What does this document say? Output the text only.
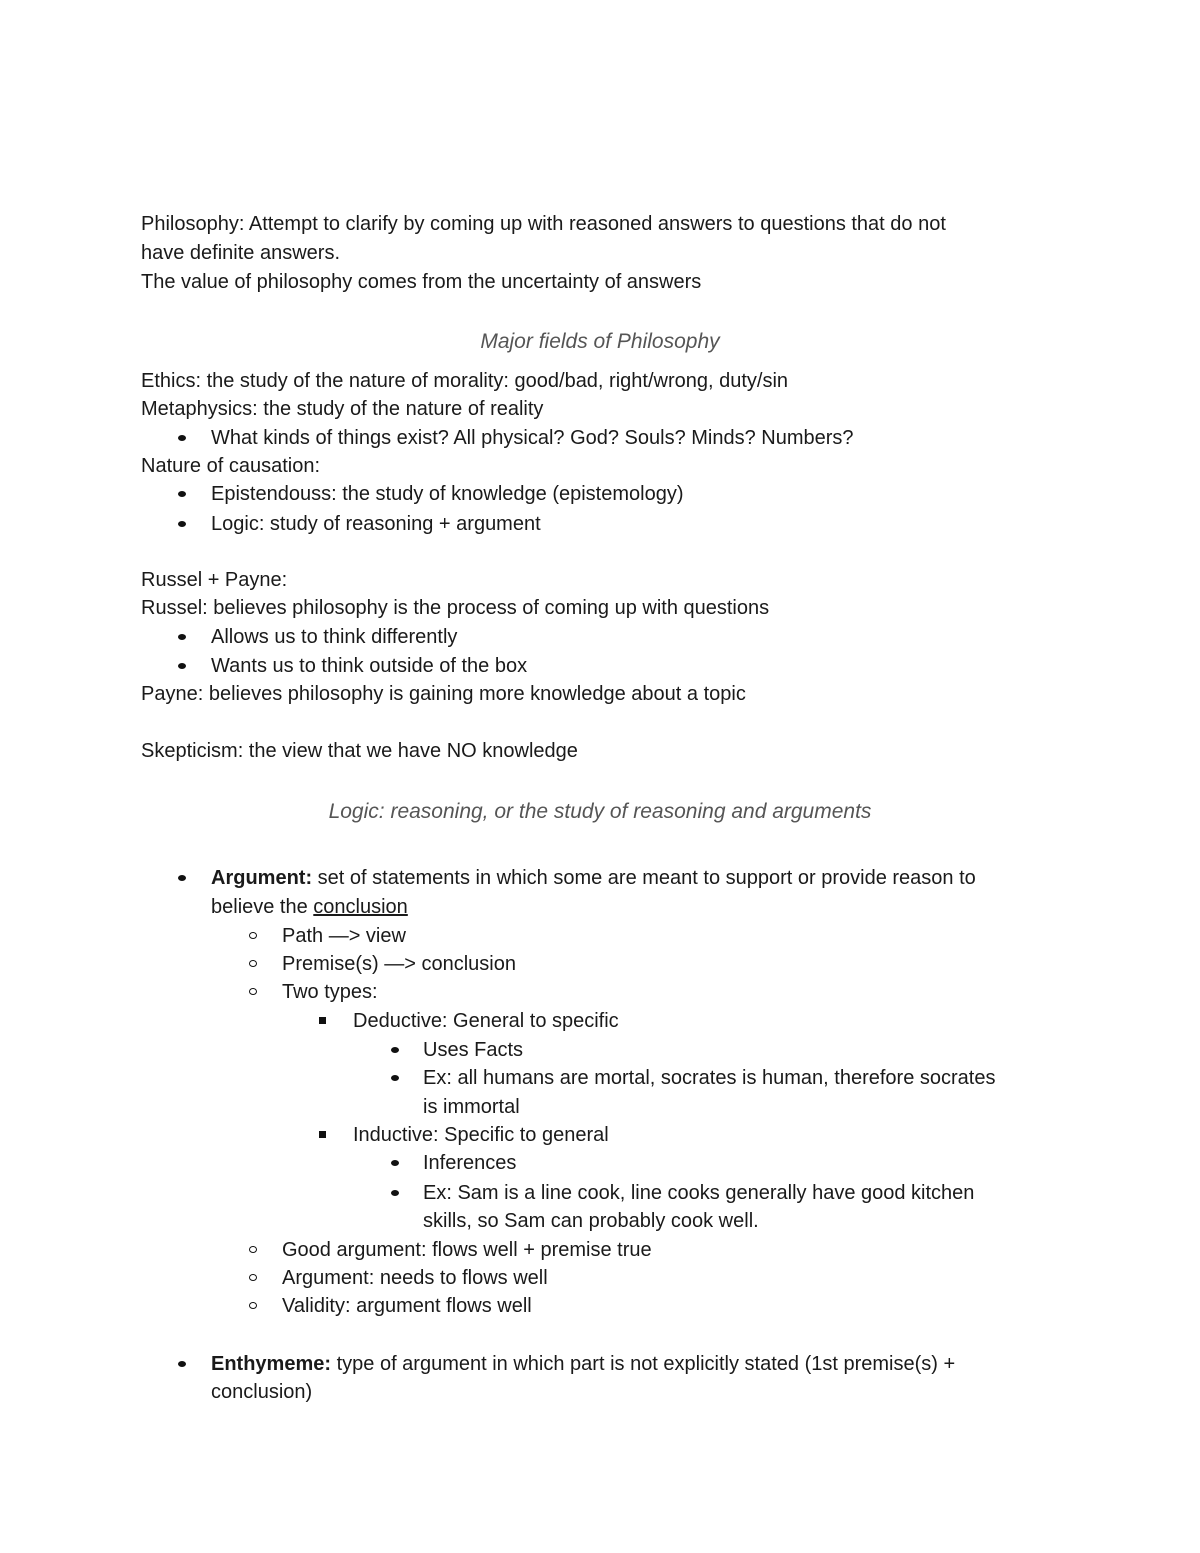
Philosophy: Attempt to clarify by coming up with reasoned answers to questions that do not
have definite answers.
The value of philosophy comes from the uncertainty of answers
Major fields of Philosophy
Ethics: the study of the nature of morality: good/bad, right/wrong, duty/sin
Metaphysics: the study of the nature of reality
What kinds of things exist? All physical? God? Souls? Minds? Numbers?
Nature of causation:
Epistendouss: the study of knowledge (epistemology)
Logic: study of reasoning + argument
Russel + Payne:
Russel: believes philosophy is the process of coming up with questions
Allows us to think differently
Wants us to think outside of the box
Payne: believes philosophy is gaining more knowledge about a topic
Skepticism: the view that we have NO knowledge
Logic: reasoning, or the study of reasoning and arguments
Argument: set of statements in which some are meant to support or provide reason to
believe the conclusion
Path —> view
Premise(s) —> conclusion
Two types:
Deductive: General to specific
Uses Facts
Ex: all humans are mortal, socrates is human, therefore socrates
is immortal
Inductive: Specific to general
Inferences
Ex: Sam is a line cook, line cooks generally have good kitchen
skills, so Sam can probably cook well.
Good argument: flows well + premise true
Argument: needs to flows well
Validity: argument flows well
Enthymeme: type of argument in which part is not explicitly stated (1st premise(s) +
conclusion)
